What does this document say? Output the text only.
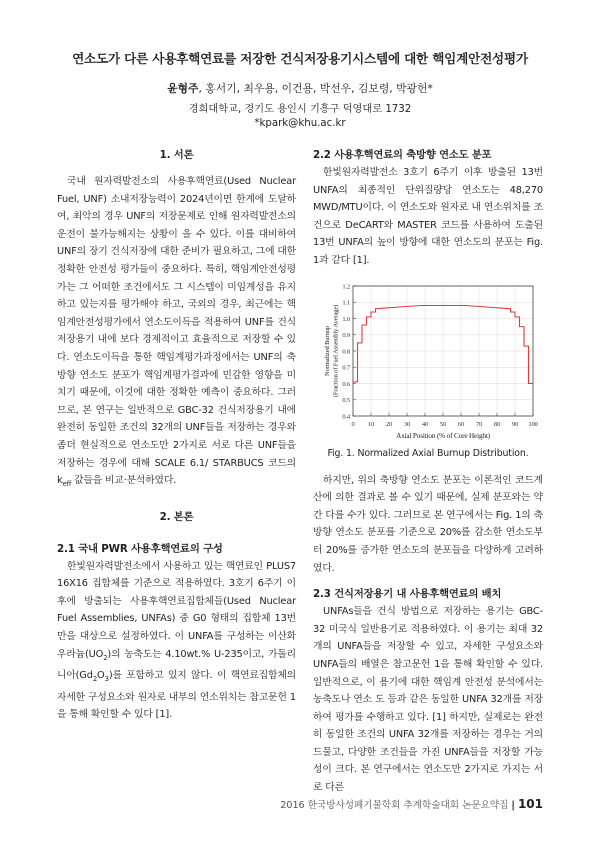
연소도가 다른 사용후핵연료를 저장한 건식저장용기시스템에 대한 핵임계안전성평가
윤형주, 홍서기, 최우용, 이건용, 박선우, 김보령, 박광헌*
경희대학교, 경기도 용인시 기흥구 덕영대로 1732
*kpark@khu.ac.kr
1. 서론

국내 원자력발전소의 사용후핵연료(Used Nuclear Fuel, UNF) 소내저장능력이 2024년이면 한계에 도달하여, 최악의 경우 UNF의 저장문제로 인해 원자력발전소의 운전이 불가능해지는 상황이 올 수 있다. 이를 대비하여 UNF의 장기 건식저장에 대한 준비가 필요하고, 그에 대한 정확한 안전성 평가들이 중요하다. 특히, 핵임계안전성평가는 그 어떠한 조건에서도 그 시스템이 미임계성을 유지하고 있는지를 평가해야 하고, 국외의 경우, 최근에는 핵임계안전성평가에서 연소도이득을 적용하여 UNF를 건식저장용기 내에 보다 경제적이고 효율적으로 저장할 수 있다. 연소도이득을 통한 핵임계평가과정에서는 UNF의 축방향 연소도 분포가 핵임계평가결과에 민감한 영향을 미치기 때문에, 이것에 대한 정확한 예측이 중요하다. 그러므로, 본 연구는 일반적으로 GBC-32 건식저장용기 내에 완전히 동일한 조건의 32개의 UNF들을 저장하는 경우와 좀더 현실적으로 연소도만 2가지로 서로 다른 UNF들을 저장하는 경우에 대해 SCALE 6.1/ STARBUCS 코드의 $k_{eff}$ 값들을 비교·분석하였다.

2. 본론
2.1 국내 PWR 사용후핵연료의 구성

한빛원자력발전소에서 사용하고 있는 핵연료인 PLUS7 16X16 집합체를 기준으로 적용하였다. 3호기 6주기 이후에 방출되는 사용후핵연료집합체들(Used Nuclear Fuel Assemblies, UNFAs) 중 G0 형태의 집합체 13번만을 대상으로 설정하였다. 이 UNFA를 구성하는 이산화우라늄$(UO_2)$의 농축도는 4.10wt.% U-235이고, 가돌리니아$(Gd_2O_3)$를 포함하고 있지 않다. 이 핵연료집합체의 자세한 구성요소와 원자로 내부의 연소위치는 참고문헌 1을 통해 확인할 수 있다 [1].

2.2 사용후핵연료의 축방향 연소도 분포

한빛원자력발전소 3호기 6주기 이후 방출된 13번 UNFA의 최종적인 단위질량당 연소도는 48,270 MWD/MTU이다. 이 연소도와 원자로 내 연소위치를 조건으로 DeCART와 MASTER 코드를 사용하여 도출된 13번 UNFA의 높이 방향에 대한 연소도의 분포는 Fig. 1과 같다 [1].

0 10 20 30 40 50 60 70 80 90 100
0.4
0.5
0.6
0.7
0.8
0.9
1.0
1.1
1.2
Axial Position (% of Core Height)
Normalized Burnup (Fraction of Fuel Assembly Average)
Fig. 1. Normalized Axial Burnup Distribution.

하지만, 위의 축방향 연소도 분포는 이론적인 코드계산에 의한 결과로 볼 수 있기 때문에, 실제 분포와는 약간 다를 수가 있다. 그러므로 본 연구에서는 Fig. 1의 축방향 연소도 분포를 기준으로 20%를 감소한 연소도부터 20%를 증가한 연소도의 분포들을 다양하게 고려하였다.

2.3 건식저장용기 내 사용후핵연료의 배치

UNFAs들을 건식 방법으로 저장하는 용기는 GBC-32 미국식 일반용기로 적용하였다. 이 용기는 최대 32개의 UNFA들을 저장할 수 있고, 자세한 구성요소와 UNFA들의 배열은 참고문헌 1을 통해 확인할 수 있다. 일반적으로, 이 용기에 대한 핵임계 안전성 분석에서는 농축도나 연소 도 등과 같은 동일한 UNFA 32개를 저장하여 평가를 수행하고 있다. [1] 하지만, 실제로는 완전히 동일한 조건의 UNFA 32개를 저장하는 경우는 거의 드물고, 다양한 조건들을 가진 UNFA들을 저장할 가능성이 크다. 본 연구에서는 연소도만 2가지로 가지는 서로 다른

2016 한국방사성폐기물학회 추계학술대회 논문요약집 | 101
